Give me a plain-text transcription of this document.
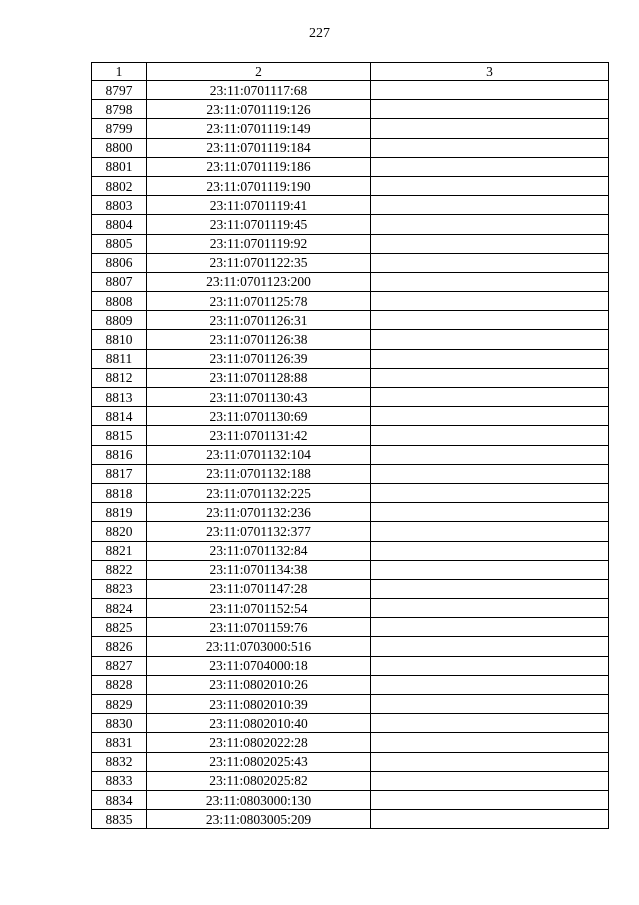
227
1	2	3
8797	23:11:0701117:68	
8798	23:11:0701119:126	
8799	23:11:0701119:149	
8800	23:11:0701119:184	
8801	23:11:0701119:186	
8802	23:11:0701119:190	
8803	23:11:0701119:41	
8804	23:11:0701119:45	
8805	23:11:0701119:92	
8806	23:11:0701122:35	
8807	23:11:0701123:200	
8808	23:11:0701125:78	
8809	23:11:0701126:31	
8810	23:11:0701126:38	
8811	23:11:0701126:39	
8812	23:11:0701128:88	
8813	23:11:0701130:43	
8814	23:11:0701130:69	
8815	23:11:0701131:42	
8816	23:11:0701132:104	
8817	23:11:0701132:188	
8818	23:11:0701132:225	
8819	23:11:0701132:236	
8820	23:11:0701132:377	
8821	23:11:0701132:84	
8822	23:11:0701134:38	
8823	23:11:0701147:28	
8824	23:11:0701152:54	
8825	23:11:0701159:76	
8826	23:11:0703000:516	
8827	23:11:0704000:18	
8828	23:11:0802010:26	
8829	23:11:0802010:39	
8830	23:11:0802010:40	
8831	23:11:0802022:28	
8832	23:11:0802025:43	
8833	23:11:0802025:82	
8834	23:11:0803000:130	
8835	23:11:0803005:209	
